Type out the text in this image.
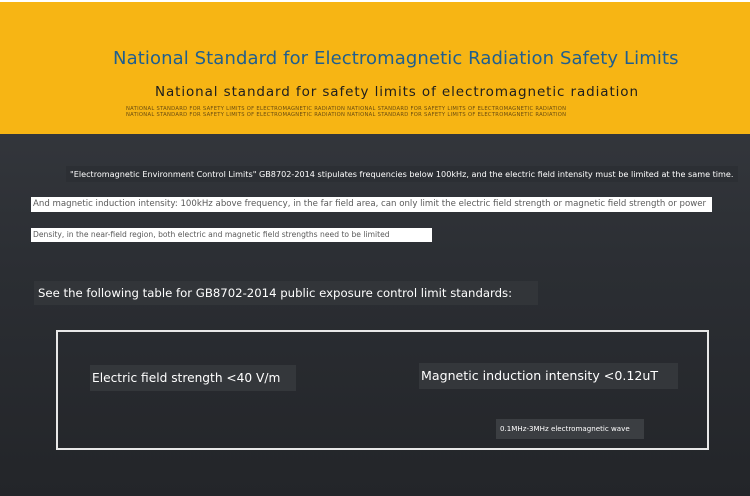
National Standard for Electromagnetic Radiation Safety Limits
National standard for safety limits of electromagnetic radiation
NATIONAL STANDARD FOR SAFETY LIMITS OF ELECTROMAGNETIC RADIATION NATIONAL STANDARD FOR SAFETY LIMITS OF ELECTROMAGNETIC RADIATION
NATIONAL STANDARD FOR SAFETY LIMITS OF ELECTROMAGNETIC RADIATION NATIONAL STANDARD FOR SAFETY LIMITS OF ELECTROMAGNETIC RADIATION
"Electromagnetic Environment Control Limits" GB8702-2014 stipulates frequencies below 100kHz, and the electric field intensity must be limited at the same time.
And magnetic induction intensity: 100kHz above frequency, in the far field area, can only limit the electric field strength or magnetic field strength or power
Density, in the near-field region, both electric and magnetic field strengths need to be limited
See the following table for GB8702-2014 public exposure control limit standards:
Electric field strength <40 V/m	Magnetic induction intensity <0.12uT
0.1MHz-3MHz electromagnetic wave
